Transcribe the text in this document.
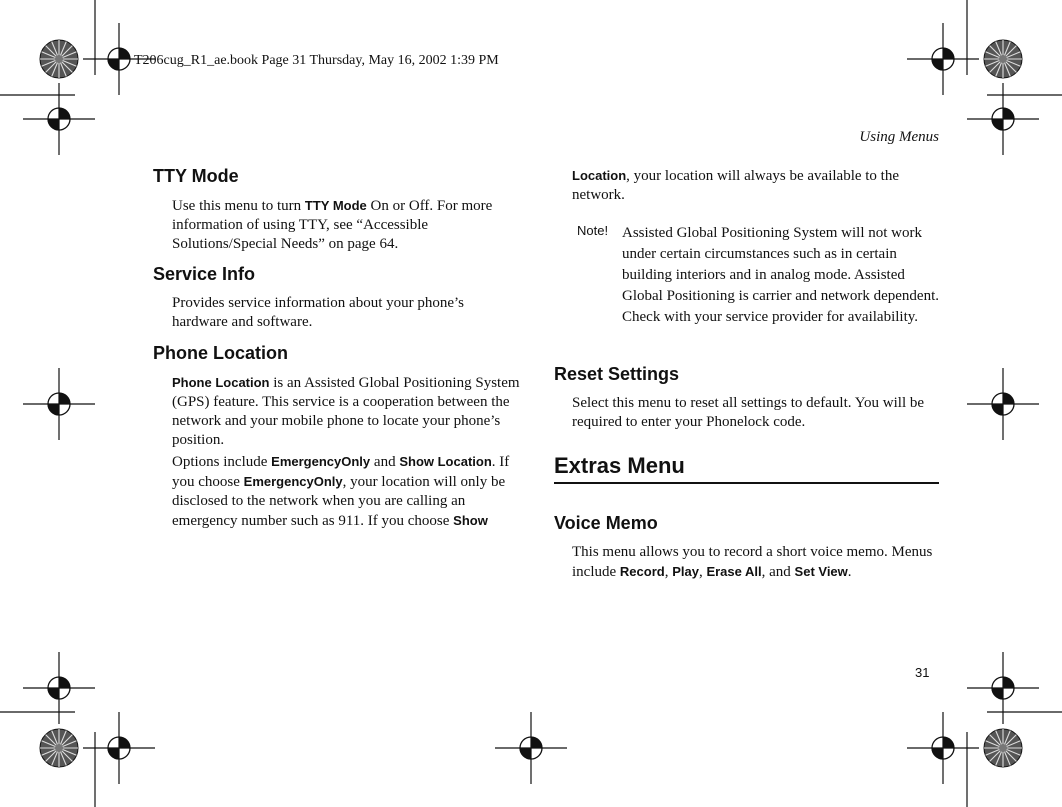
T206cug_R1_ae.book Page 31 Thursday, May 16, 2002 1:39 PM
Using Menus
TTY Mode

Use this menu to turn TTY Mode On or Off. For more information of using TTY, see “Accessible Solutions/Special Needs” on page 64.

Service Info

Provides service information about your phone’s hardware and software.

Phone Location

Phone Location is an Assisted Global Positioning System (GPS) feature. This service is a cooperation between the network and your mobile phone to locate your phone’s position.

Options include EmergencyOnly and Show Location. If you choose EmergencyOnly, your location will only be disclosed to the network when you are calling an emergency number such as 911. If you choose Show

Location, your location will always be available to the network.

Note! Assisted Global Positioning System will not work under certain circumstances such as in certain building interiors and in analog mode. Assisted Global Positioning is carrier and network dependent. Check with your service provider for availability.

Reset Settings

Select this menu to reset all settings to default. You will be required to enter your Phonelock code.

Extras Menu
Voice Memo

This menu allows you to record a short voice memo. Menus include Record, Play, Erase All, and Set View.

31
